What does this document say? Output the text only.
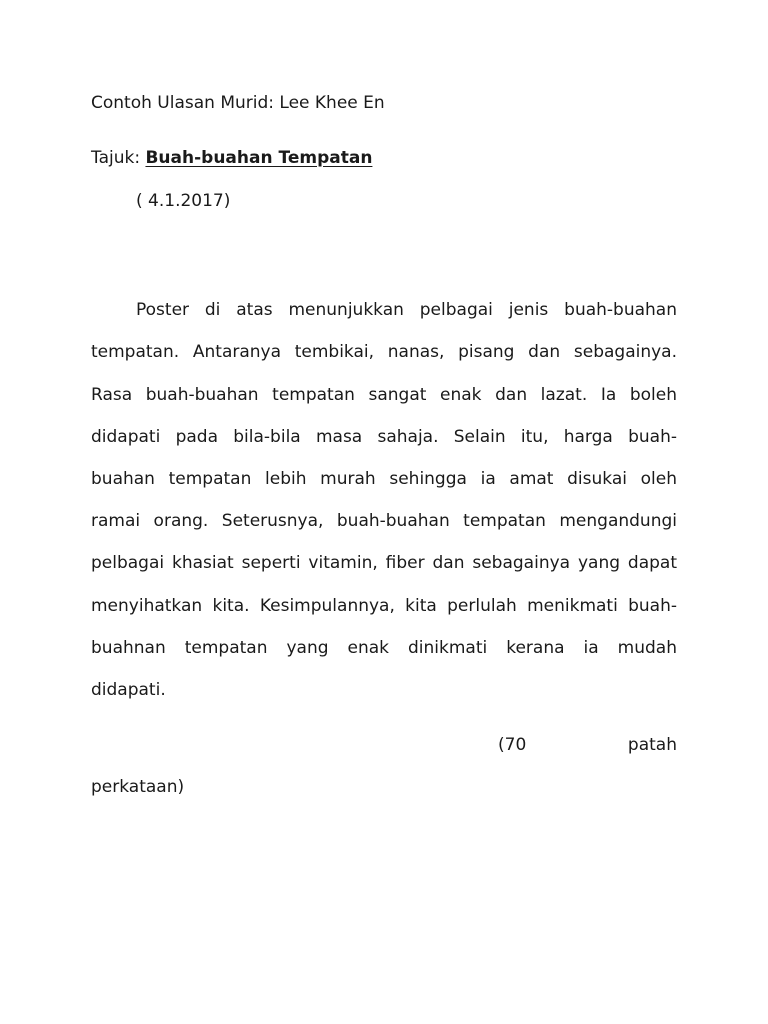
Contoh Ulasan Murid: Lee Khee En
Tajuk: Buah-buahan Tempatan
( 4.1.2017)
Poster di atas menunjukkan pelbagai jenis buah-buahan
tempatan. Antaranya tembikai, nanas, pisang dan sebagainya.
Rasa buah-buahan tempatan sangat enak dan lazat. Ia boleh
didapati pada bila-bila masa sahaja. Selain itu, harga buah-
buahan tempatan lebih murah sehingga ia amat disukai oleh
ramai orang. Seterusnya, buah-buahan tempatan mengandungi
pelbagai khasiat seperti vitamin, fiber dan sebagainya yang dapat
menyihatkan kita. Kesimpulannya, kita perlulah menikmati buah-
buahnan tempatan yang enak dinikmati kerana ia mudah
didapati.
(70 patah
perkataan)
